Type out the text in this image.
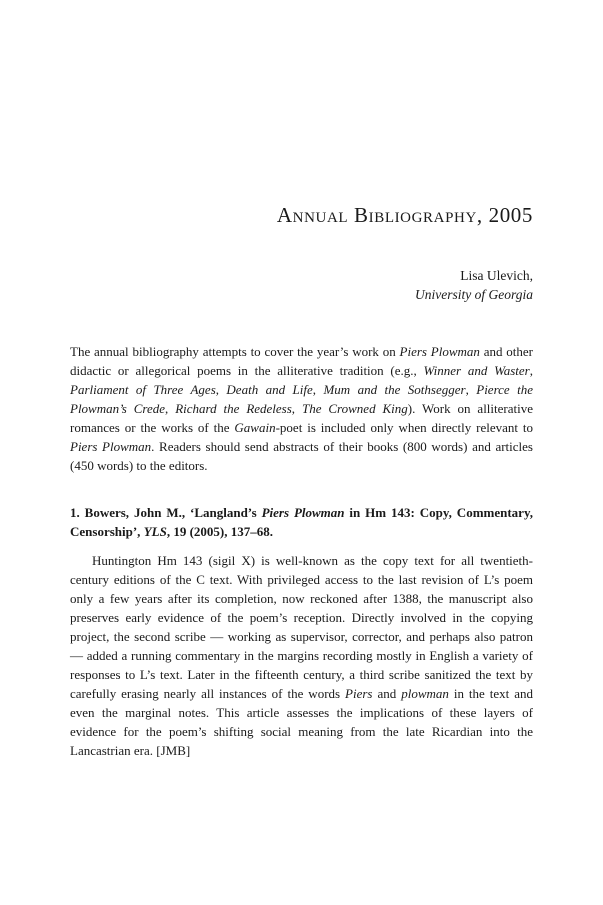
Annual Bibliography, 2005
Lisa Ulevich,
University of Georgia

The annual bibliography attempts to cover the year’s work on Piers Plowman and other didactic or allegorical poems in the alliterative tradition (e.g., Winner and Waster, Parliament of Three Ages, Death and Life, Mum and the Sothsegger, Pierce the Plowman’s Crede, Richard the Redeless, The Crowned King). Work on alliterative romances or the works of the Gawain-poet is included only when directly relevant to Piers Plowman. Readers should send abstracts of their books (800 words) and articles (450 words) to the editors.

1. Bowers, John M., ‘Langland’s Piers Plowman in Hm 143: Copy, Commentary, Censorship’, YLS, 19 (2005), 137–68.

Huntington Hm 143 (sigil X) is well-known as the copy text for all twentieth-century editions of the C text. With privileged access to the last revision of L’s poem only a few years after its completion, now reckoned after 1388, the manuscript also preserves early evidence of the poem’s reception. Directly involved in the copying project, the second scribe — working as supervisor, corrector, and perhaps also patron — added a running commentary in the margins recording mostly in English a variety of responses to L’s text. Later in the fifteenth century, a third scribe sanitized the text by carefully erasing nearly all instances of the words Piers and plowman in the text and even the marginal notes. This article assesses the implications of these layers of evidence for the poem’s shifting social meaning from the late Ricardian into the Lancastrian era. [JMB]
